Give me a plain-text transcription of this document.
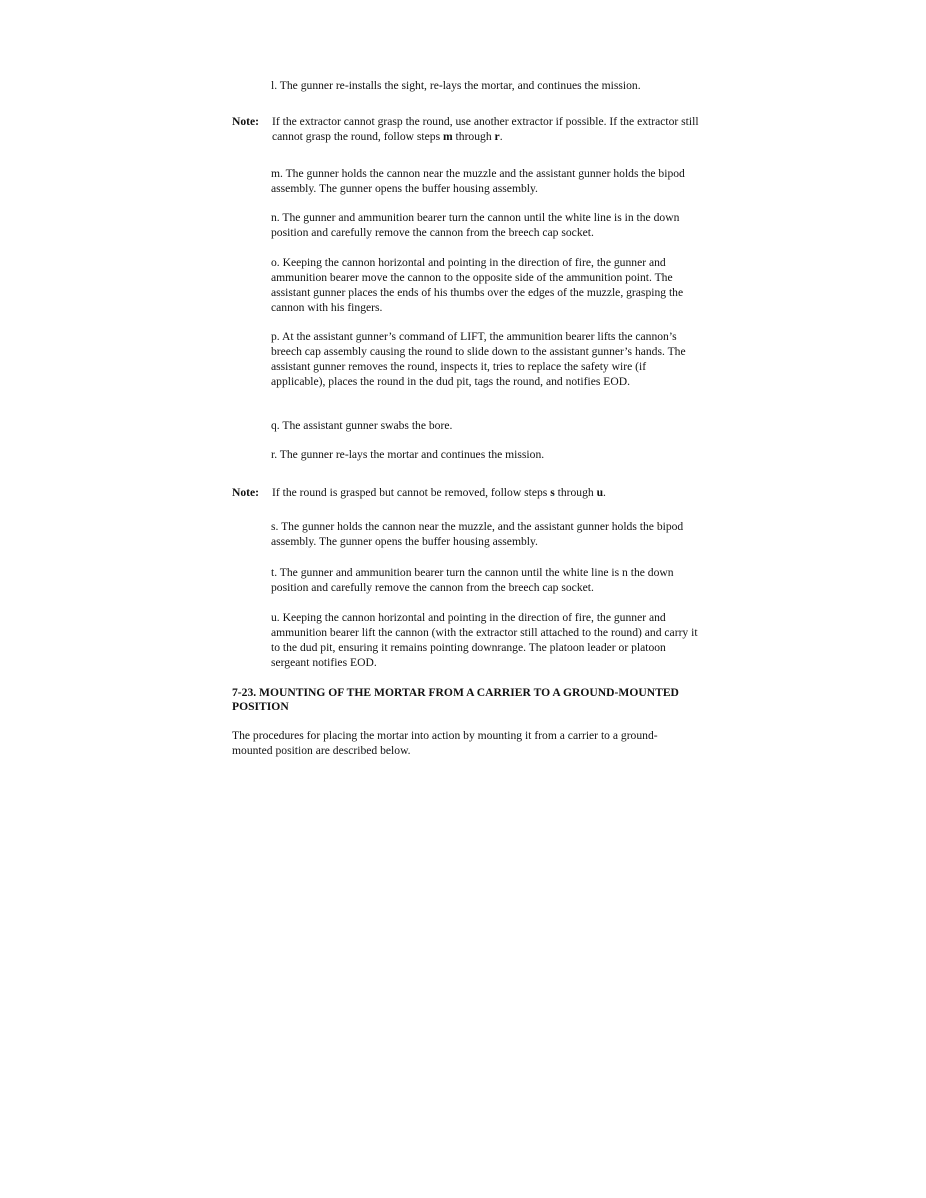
l. The gunner re-installs the sight, re-lays the mortar, and continues the mission.

Note:	If the extractor cannot grasp the round, use another extractor if possible. If the extractor still cannot grasp the round, follow steps m through r.

m. The gunner holds the cannon near the muzzle and the assistant gunner holds the bipod assembly. The gunner opens the buffer housing assembly.

n. The gunner and ammunition bearer turn the cannon until the white line is in the down position and carefully remove the cannon from the breech cap socket.

o. Keeping the cannon horizontal and pointing in the direction of fire, the gunner and ammunition bearer move the cannon to the opposite side of the ammunition point. The assistant gunner places the ends of his thumbs over the edges of the muzzle, grasping the cannon with his fingers.

p. At the assistant gunner’s command of LIFT, the ammunition bearer lifts the cannon’s breech cap assembly causing the round to slide down to the assistant gunner’s hands. The assistant gunner removes the round, inspects it, tries to replace the safety wire (if applicable), places the round in the dud pit, tags the round, and notifies EOD.

q. The assistant gunner swabs the bore.

r. The gunner re-lays the mortar and continues the mission.

Note:	If the round is grasped but cannot be removed, follow steps s through u.

s. The gunner holds the cannon near the muzzle, and the assistant gunner holds the bipod assembly. The gunner opens the buffer housing assembly.

t. The gunner and ammunition bearer turn the cannon until the white line is n the down position and carefully remove the cannon from the breech cap socket.

u. Keeping the cannon horizontal and pointing in the direction of fire, the gunner and ammunition bearer lift the cannon (with the extractor still attached to the round) and carry it to the dud pit, ensuring it remains pointing downrange. The platoon leader or platoon sergeant notifies EOD.

7-23. MOUNTING OF THE MORTAR FROM A CARRIER TO A GROUND-MOUNTED POSITION

The procedures for placing the mortar into action by mounting it from a carrier to a ground-mounted position are described below.
